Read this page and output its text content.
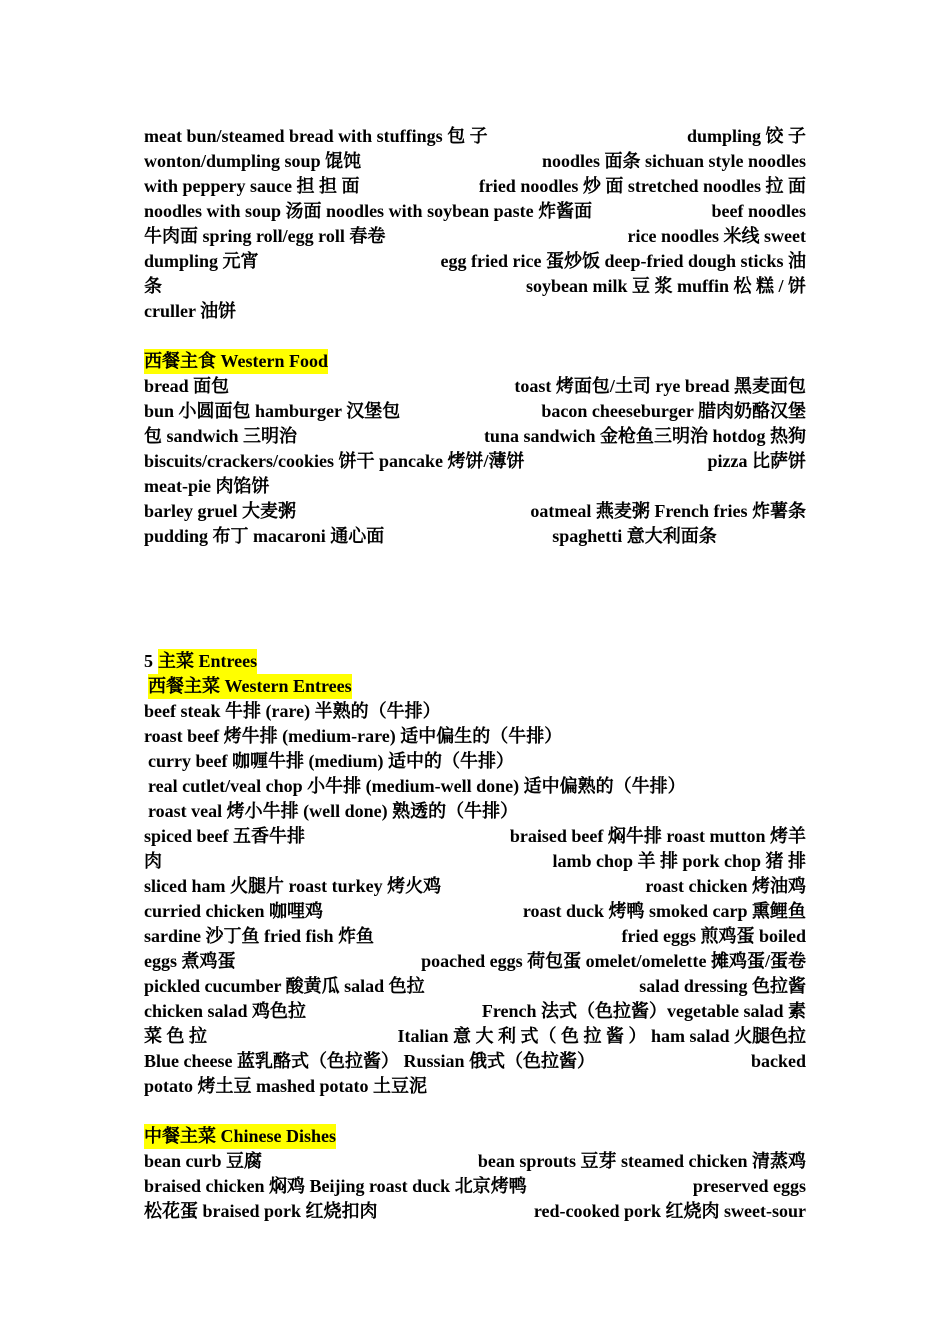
meat bun/steamed bread with stuffings 包 子	dumpling 饺 子
wonton/dumpling soup 馄饨	noodles 面条 sichuan style noodles
with peppery sauce 担 担 面	fried noodles 炒 面 stretched noodles 拉 面
noodles with soup 汤面 noodles with soybean paste 炸酱面	beef noodles
牛肉面 spring roll/egg roll 春卷	rice noodles 米线 sweet
dumpling 元宵	egg fried rice 蛋炒饭 deep-fried dough sticks 油
条	soybean milk 豆 浆 muffin 松 糕 / 饼
cruller 油饼
西餐主食 Western Food
bread 面包	toast 烤面包/土司 rye bread 黑麦面包
bun 小圆面包 hamburger 汉堡包	bacon cheeseburger 腊肉奶酪汉堡
包 sandwich 三明治	tuna sandwich 金枪鱼三明治 hotdog 热狗
biscuits/crackers/cookies 饼干 pancake 烤饼/薄饼	pizza 比萨饼
meat-pie 肉馅饼
barley gruel 大麦粥	oatmeal 燕麦粥 French fries 炸薯条
pudding 布丁 macaroni 通心面	spaghetti 意大利面条
5 主菜 Entrees
西餐主菜 Western Entrees
beef steak 牛排 (rare) 半熟的（牛排）
roast beef 烤牛排 (medium-rare) 适中偏生的（牛排）
curry beef 咖喱牛排 (medium) 适中的（牛排）
real cutlet/veal chop 小牛排 (medium-well done) 适中偏熟的（牛排）
roast veal 烤小牛排 (well done) 熟透的（牛排）
spiced beef 五香牛排	braised beef 焖牛排 roast mutton 烤羊
肉	lamb chop 羊 排 pork chop 猪 排
sliced ham 火腿片 roast turkey 烤火鸡	roast chicken 烤油鸡
curried chicken 咖哩鸡	roast duck 烤鸭 smoked carp 熏鲤鱼
sardine 沙丁鱼 fried fish 炸鱼	fried eggs 煎鸡蛋 boiled
eggs 煮鸡蛋	poached eggs 荷包蛋 omelet/omelette 摊鸡蛋/蛋卷
pickled cucumber 酸黄瓜 salad 色拉	salad dressing 色拉酱
chicken salad 鸡色拉	French 法式（色拉酱）vegetable salad 素
菜 色 拉	Italian 意 大 利 式（ 色 拉 酱 ） ham salad 火腿色拉
Blue cheese 蓝乳酪式（色拉酱） Russian 俄式（色拉酱）	backed
potato 烤土豆 mashed potato 土豆泥
中餐主菜 Chinese Dishes
bean curb 豆腐	bean sprouts 豆芽 steamed chicken 清蒸鸡
braised chicken 焖鸡 Beijing roast duck 北京烤鸭	preserved eggs
松花蛋 braised pork 红烧扣肉	red-cooked pork 红烧肉 sweet-sour
